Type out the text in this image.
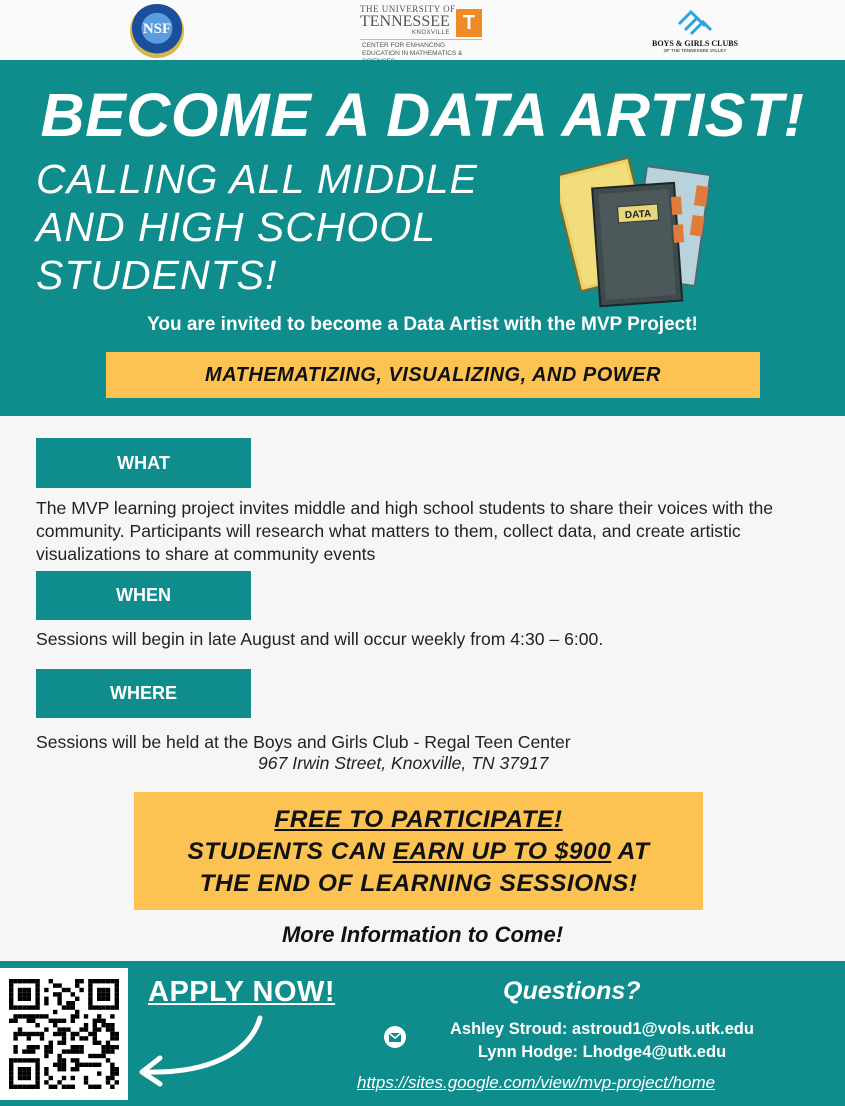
NSF
THE UNIVERSITY OF
TENNESSEE
KNOXVILLE T
CENTER FOR ENHANCING EDUCATION IN MATHEMATICS &
BOYS & GIRLS CLUBS
OF THE TENNESSEE VALLEY
BECOME A DATA ARTIST!
CALLING ALL MIDDLE
AND HIGH SCHOOL
STUDENTS!
DATA
You are invited to become a Data Artist with the MVP Project!
MATHEMATIZING, VISUALIZING, AND POWER
WHAT
The MVP learning project invites middle and high school students to share their voices with the community. Participants will research what matters to them, collect data, and create artistic visualizations to share at community events
WHEN
Sessions will begin in late August and will occur weekly from 4:30 – 6:00.
WHERE
Sessions will be held at the Boys and Girls Club - Regal Teen Center
967 Irwin Street, Knoxville, TN 37917
FREE TO PARTICIPATE!
STUDENTS CAN EARN UP TO $900 AT
THE END OF LEARNING SESSIONS!
More Information to Come!
APPLY NOW!	Questions?
Ashley Stroud: astroud1@vols.utk.edu
Lynn Hodge: Lhodge4@utk.edu
https://sites.google.com/view/mvp-project/home
